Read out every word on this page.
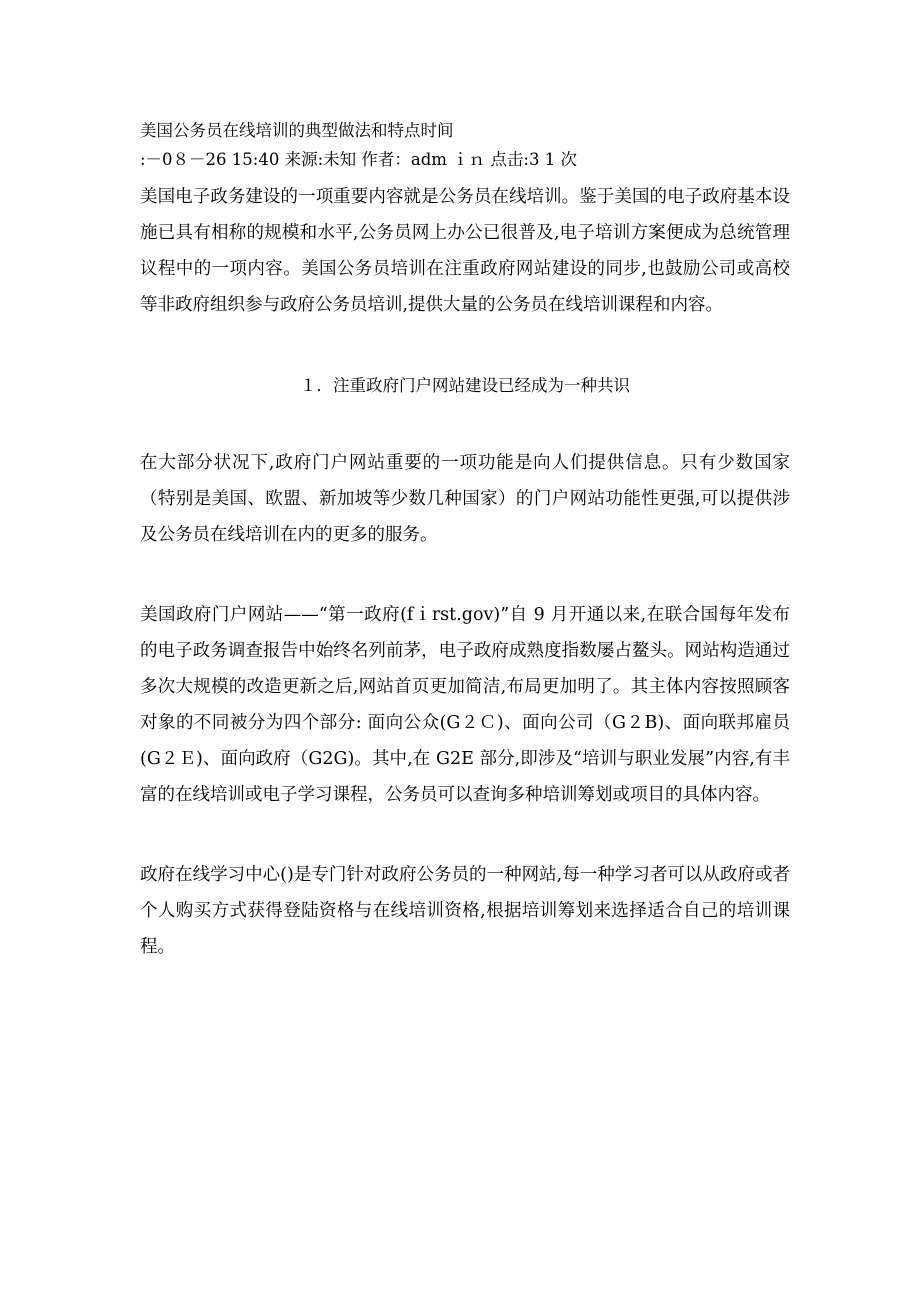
美国公务员在线培训的典型做法和特点时间

:－0８－26 15:40 来源:未知 作者：adm ｉｎ 点击:3 1 次

美国电子政务建设的一项重要内容就是公务员在线培训。鉴于美国的电子政府基本设施已具有相称的规模和水平,公务员网上办公已很普及,电子培训方案便成为总统管理议程中的一项内容。美国公务员培训在注重政府网站建设的同步,也鼓励公司或高校等非政府组织参与政府公务员培训,提供大量的公务员在线培训课程和内容。

１．注重政府门户网站建设已经成为一种共识

在大部分状况下,政府门户网站重要的一项功能是向人们提供信息。只有少数国家（特别是美国、欧盟、新加坡等少数几种国家）的门户网站功能性更强,可以提供涉及公务员在线培训在内的更多的服务。

美国政府门户网站——“第一政府(fｉrst.gov)”自 9 月开通以来,在联合国每年发布的电子政务调查报告中始终名列前茅，电子政府成熟度指数屡占鳌头。网站构造通过多次大规模的改造更新之后,网站首页更加简洁,布局更加明了。其主体内容按照顾客对象的不同被分为四个部分: 面向公众(G２Ｃ)、面向公司（G２B)、面向联邦雇员(G２Ｅ)、面向政府（G2G)。其中,在 G2E 部分,即涉及“培训与职业发展”内容,有丰富的在线培训或电子学习课程，公务员可以查询多种培训筹划或项目的具体内容。

政府在线学习中心()是专门针对政府公务员的一种网站,每一种学习者可以从政府或者个人购买方式获得登陆资格与在线培训资格,根据培训筹划来选择适合自己的培训课程。
